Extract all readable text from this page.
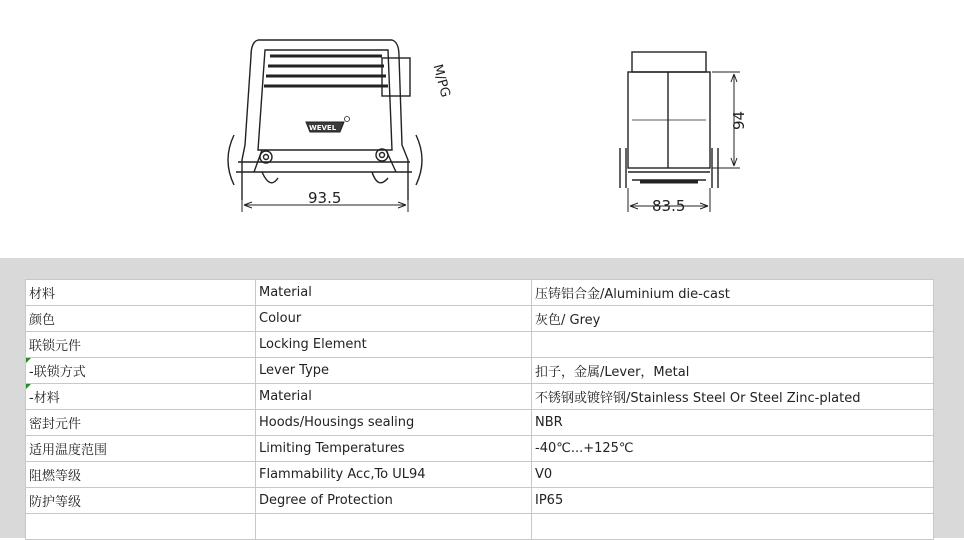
93.5
M/PG
WEVEL	94
83.5
材料	Material	压铸铝合金/Aluminium die-cast
颜色	Colour	灰色/ Grey
联锁元件	Locking Element	
-联锁方式	Lever Type	扣子，金属/Lever，Metal
-材料	Material	不锈钢或镀锌钢/Stainless Steel Or Steel Zinc-plated
密封元件	Hoods/Housings sealing	NBR
适用温度范围	Limiting Temperatures	-40℃...+125℃
阻燃等级	Flammability Acc,To UL94	V0
防护等级	Degree of Protection	IP65
